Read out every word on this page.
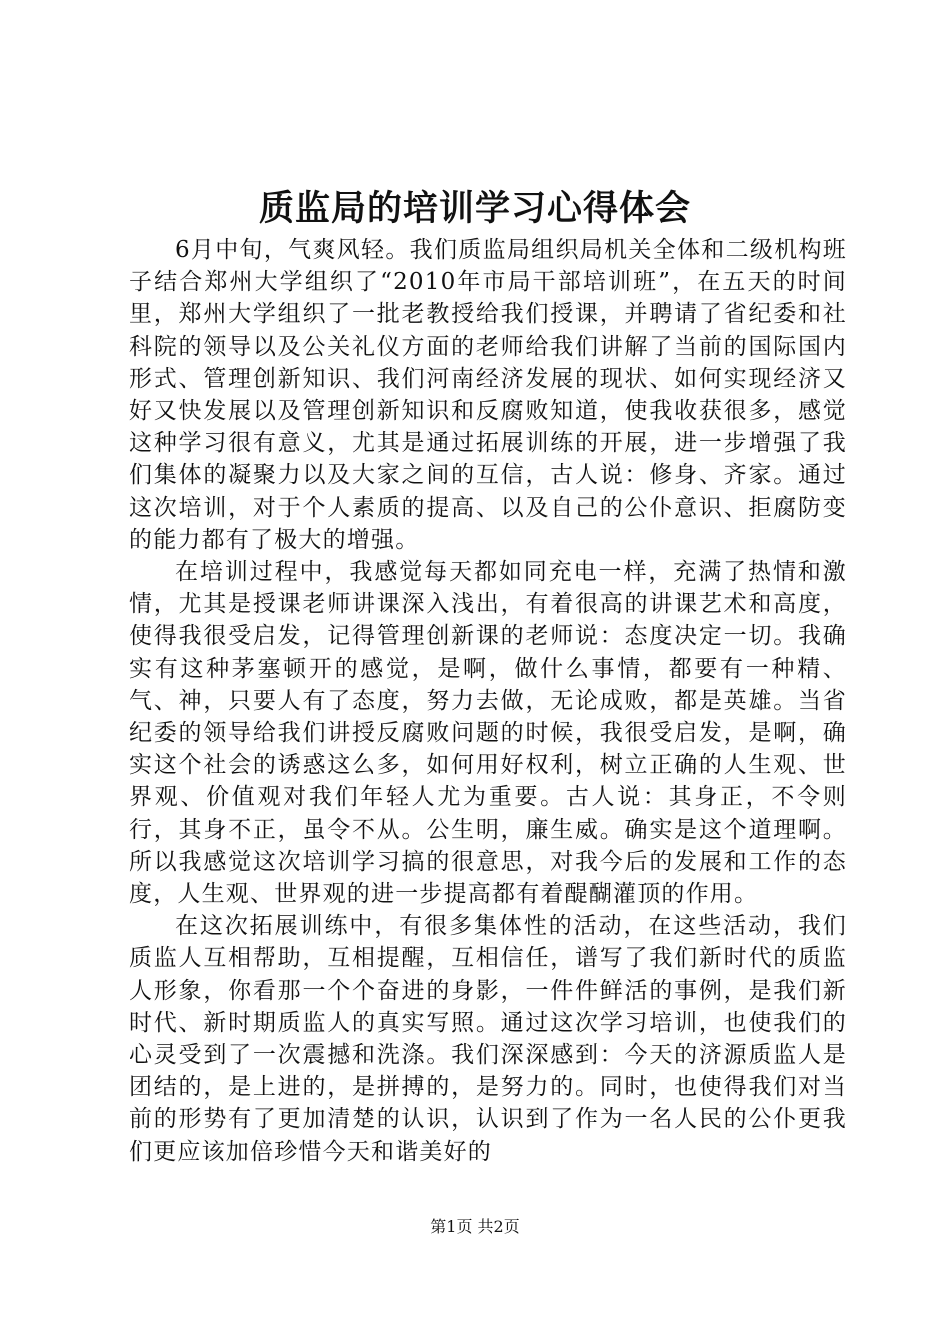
质监局的培训学习心得体会

6月中旬，气爽风轻。我们质监局组织局机关全体和二级机构班子结合郑州大学组织了“2010年市局干部培训班”，在五天的时间里，郑州大学组织了一批老教授给我们授课，并聘请了省纪委和社科院的领导以及公关礼仪方面的老师给我们讲解了当前的国际国内形式、管理创新知识、我们河南经济发展的现状、如何实现经济又好又快发展以及管理创新知识和反腐败知道，使我收获很多，感觉这种学习很有意义，尤其是通过拓展训练的开展，进一步增强了我们集体的凝聚力以及大家之间的互信，古人说：修身、齐家。通过这次培训，对于个人素质的提高、以及自己的公仆意识、拒腐防变的能力都有了极大的增强。

在培训过程中，我感觉每天都如同充电一样，充满了热情和激情，尤其是授课老师讲课深入浅出，有着很高的讲课艺术和高度，使得我很受启发，记得管理创新课的老师说：态度决定一切。我确实有这种茅塞顿开的感觉，是啊，做什么事情，都要有一种精、气、神，只要人有了态度，努力去做，无论成败，都是英雄。当省纪委的领导给我们讲授反腐败问题的时候，我很受启发，是啊，确实这个社会的诱惑这么多，如何用好权利，树立正确的人生观、世界观、价值观对我们年轻人尤为重要。古人说：其身正，不令则行，其身不正，虽令不从。公生明，廉生威。确实是这个道理啊。所以我感觉这次培训学习搞的很意思，对我今后的发展和工作的态度，人生观、世界观的进一步提高都有着醍醐灌顶的作用。

在这次拓展训练中，有很多集体性的活动，在这些活动，我们质监人互相帮助，互相提醒，互相信任，谱写了我们新时代的质监人形象，你看那一个个奋进的身影，一件件鲜活的事例，是我们新时代、新时期质监人的真实写照。通过这次学习培训，也使我们的心灵受到了一次震撼和洗涤。我们深深感到：今天的济源质监人是团结的，是上进的，是拼搏的，是努力的。同时，也使得我们对当前的形势有了更加清楚的认识，认识到了作为一名人民的公仆更我们更应该加倍珍惜今天和谐美好的

第1页 共2页
